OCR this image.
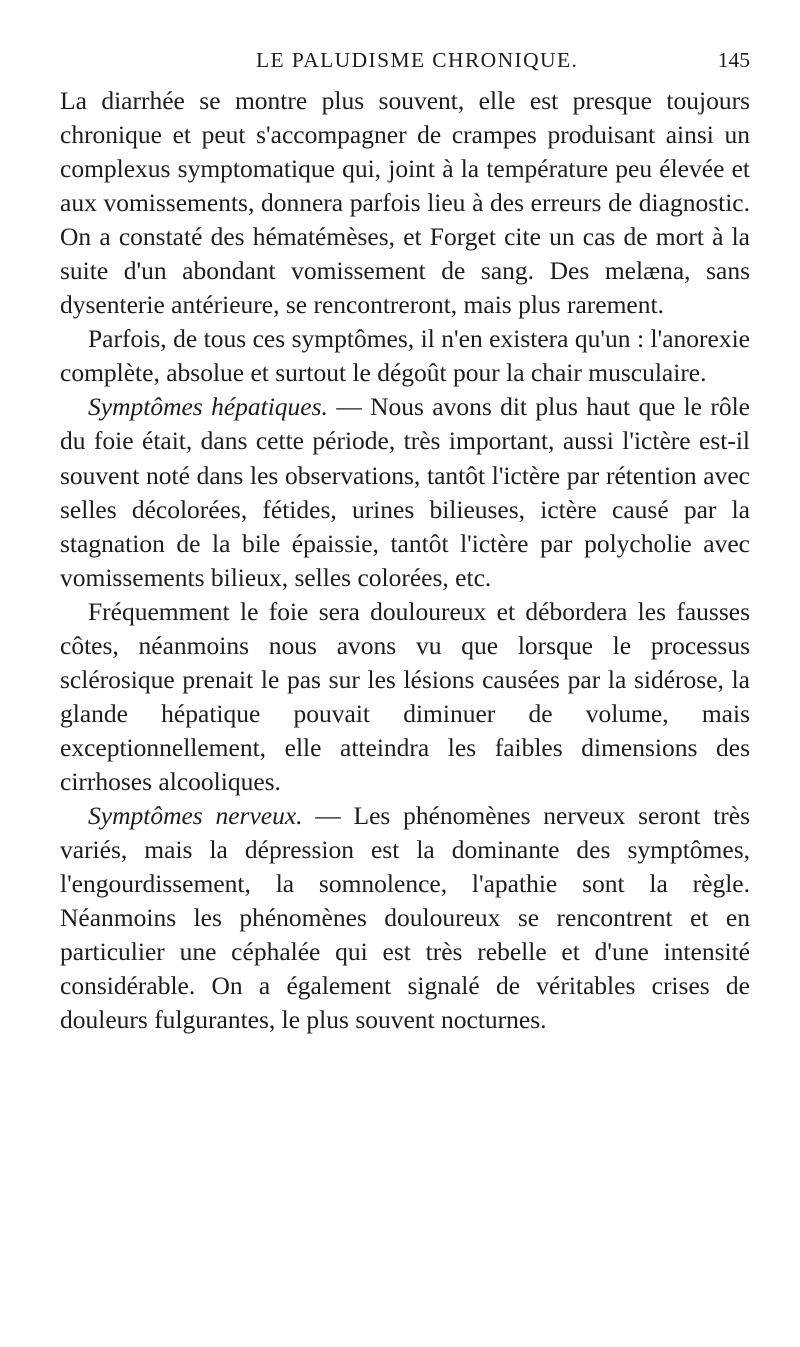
LE PALUDISME CHRONIQUE.	145

La diarrhée se montre plus souvent, elle est presque toujours chronique et peut s'accompagner de crampes produisant ainsi un complexus symptomatique qui, joint à la température peu élevée et aux vomissements, donnera parfois lieu à des erreurs de diagnostic. On a constaté des hématémèses, et Forget cite un cas de mort à la suite d'un abondant vomissement de sang. Des melæna, sans dysenterie antérieure, se rencontreront, mais plus rarement.

Parfois, de tous ces symptômes, il n'en existera qu'un : l'anorexie complète, absolue et surtout le dégoût pour la chair musculaire.

Symptômes hépatiques. — Nous avons dit plus haut que le rôle du foie était, dans cette période, très important, aussi l'ictère est-il souvent noté dans les observations, tantôt l'ictère par rétention avec selles décolorées, fétides, urines bilieuses, ictère causé par la stagnation de la bile épaissie, tantôt l'ictère par polycholie avec vomissements bilieux, selles colorées, etc.

Fréquemment le foie sera douloureux et débordera les fausses côtes, néanmoins nous avons vu que lorsque le processus sclérosique prenait le pas sur les lésions causées par la sidérose, la glande hépatique pouvait diminuer de volume, mais exceptionnellement, elle atteindra les faibles dimensions des cirrhoses alcooliques.

Symptômes nerveux. — Les phénomènes nerveux seront très variés, mais la dépression est la dominante des symptômes, l'engourdissement, la somnolence, l'apathie sont la règle. Néanmoins les phénomènes douloureux se rencontrent et en particulier une céphalée qui est très rebelle et d'une intensité considérable. On a également signalé de véritables crises de douleurs fulgurantes, le plus souvent nocturnes.
